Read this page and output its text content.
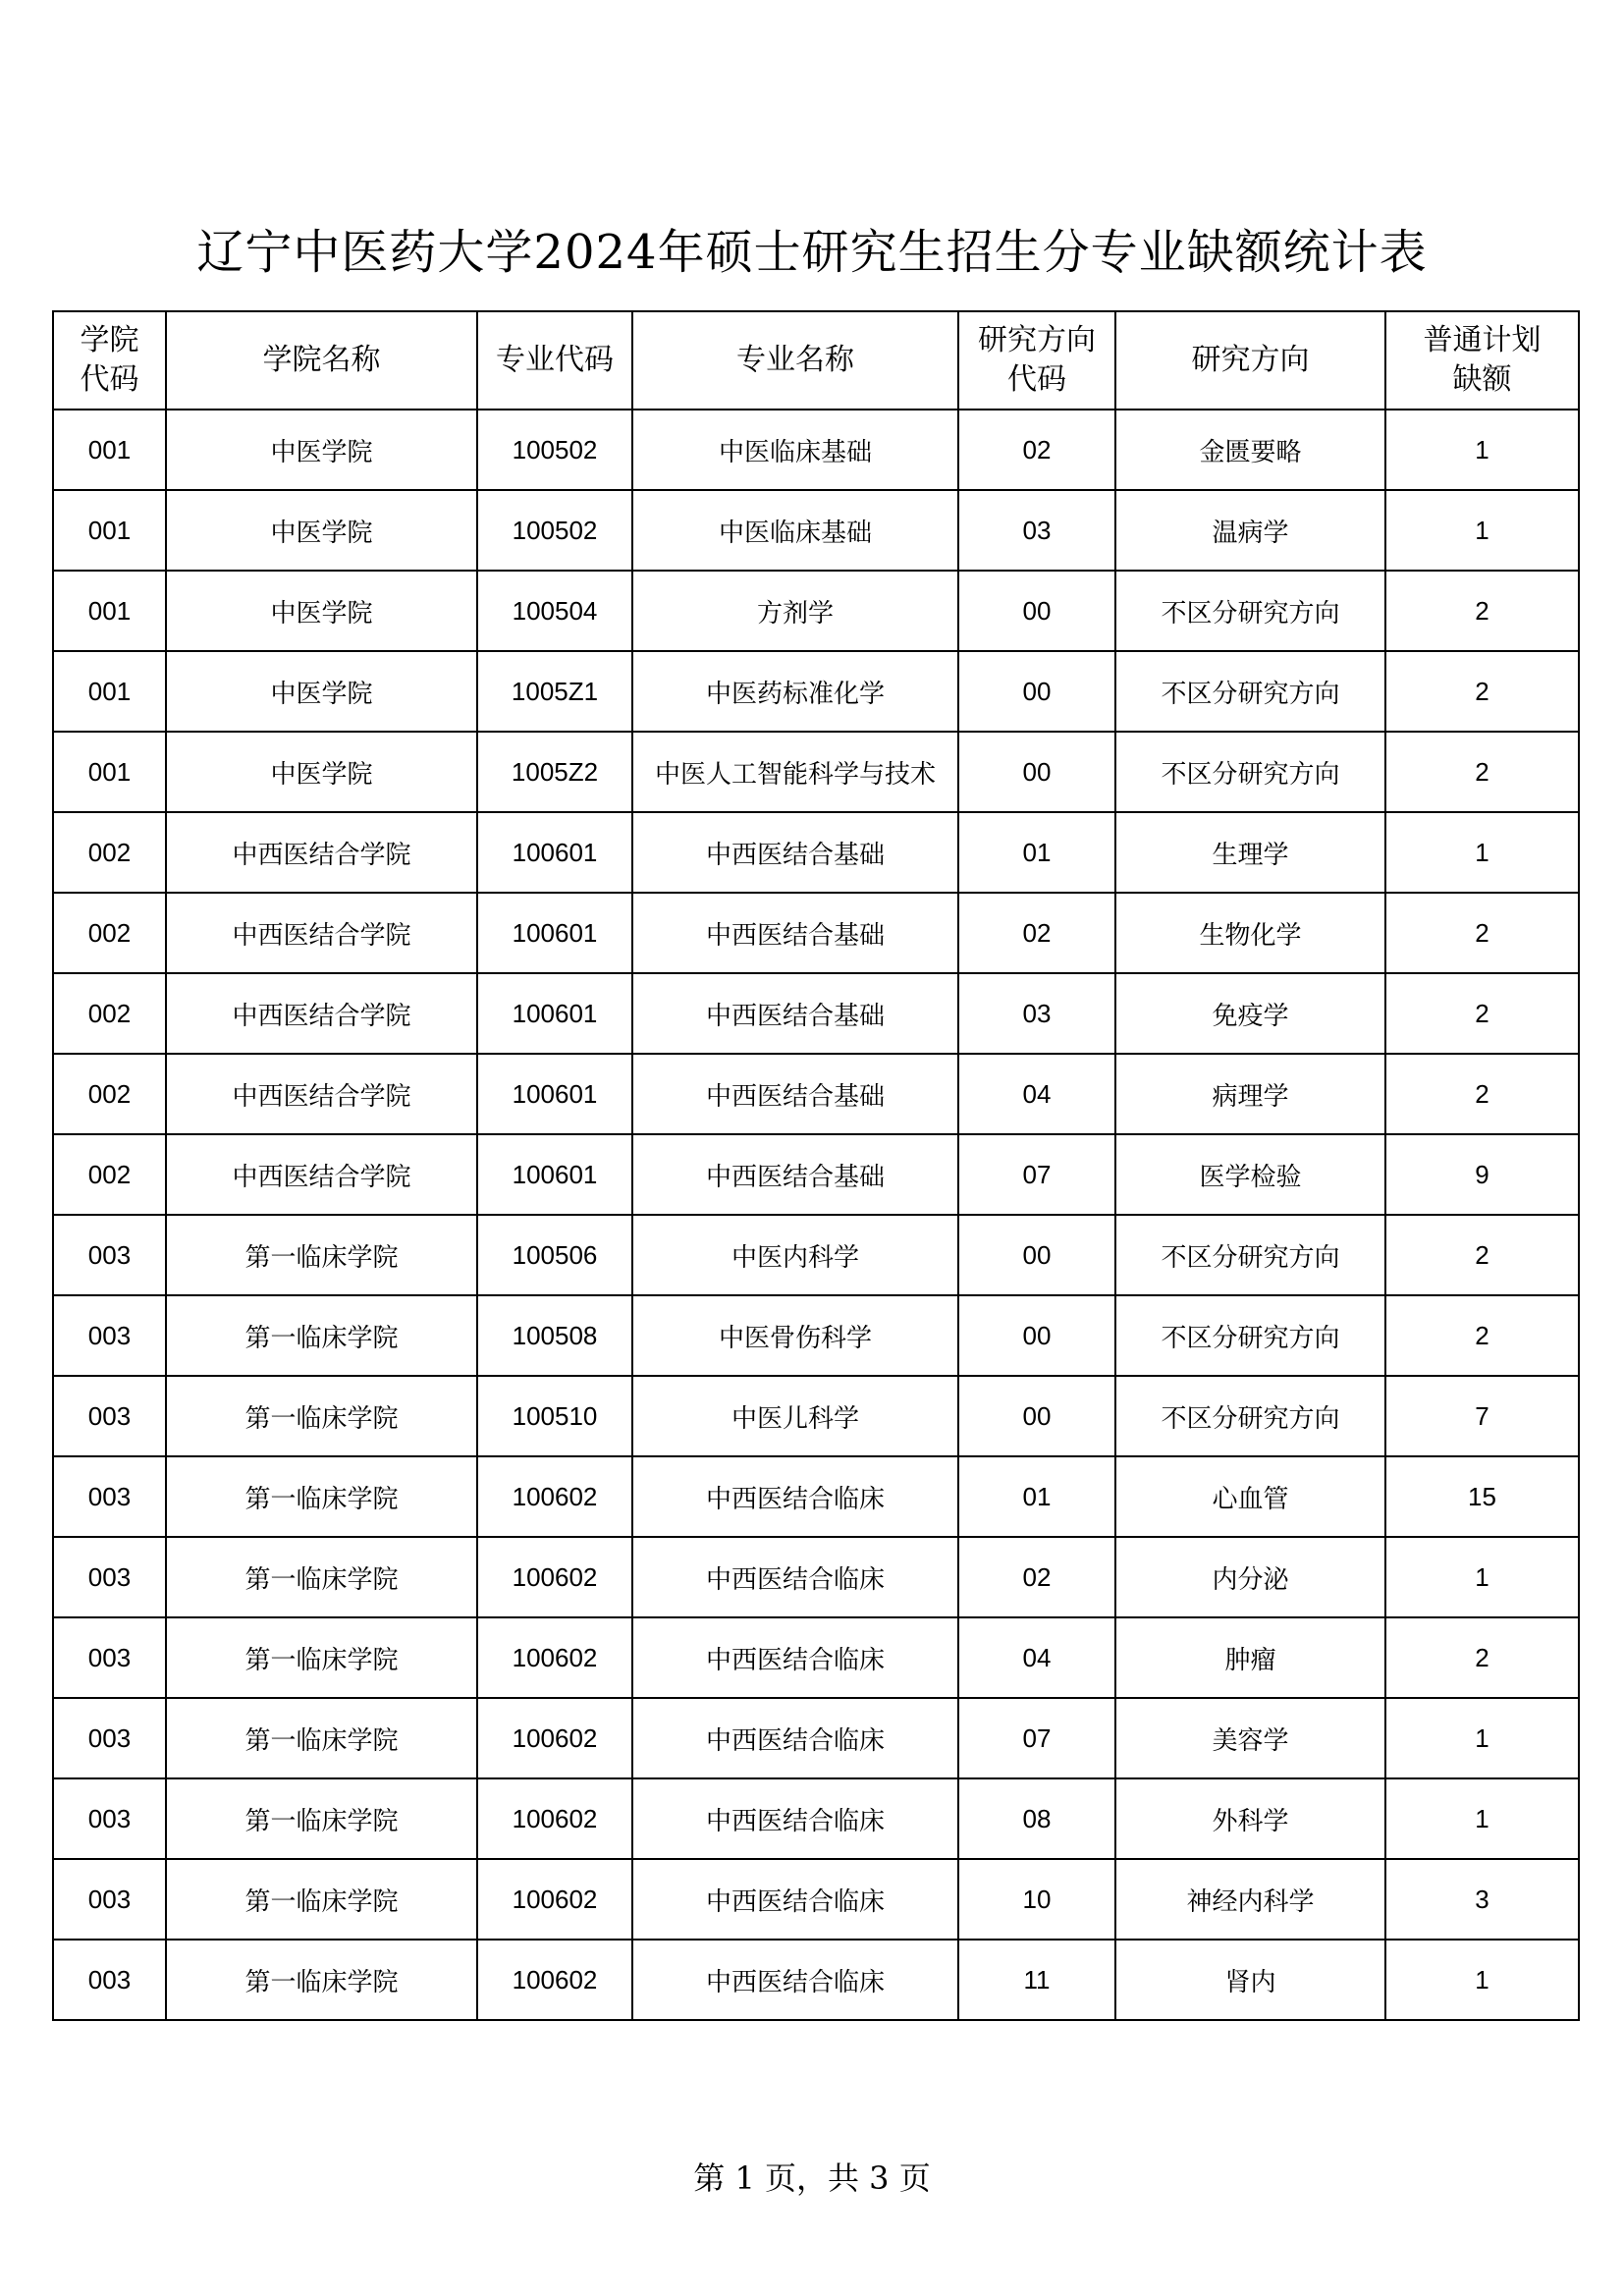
辽宁中医药大学2024年硕士研究生招生分专业缺额统计表
学院代码	学院名称	专业代码	专业名称	研究方向代码	研究方向	普通计划缺额
001	中医学院	100502	中医临床基础	02	金匮要略	1
001	中医学院	100502	中医临床基础	03	温病学	1
001	中医学院	100504	方剂学	00	不区分研究方向	2
001	中医学院	1005Z1	中医药标准化学	00	不区分研究方向	2
001	中医学院	1005Z2	中医人工智能科学与技术	00	不区分研究方向	2
002	中西医结合学院	100601	中西医结合基础	01	生理学	1
002	中西医结合学院	100601	中西医结合基础	02	生物化学	2
002	中西医结合学院	100601	中西医结合基础	03	免疫学	2
002	中西医结合学院	100601	中西医结合基础	04	病理学	2
002	中西医结合学院	100601	中西医结合基础	07	医学检验	9
003	第一临床学院	100506	中医内科学	00	不区分研究方向	2
003	第一临床学院	100508	中医骨伤科学	00	不区分研究方向	2
003	第一临床学院	100510	中医儿科学	00	不区分研究方向	7
003	第一临床学院	100602	中西医结合临床	01	心血管	15
003	第一临床学院	100602	中西医结合临床	02	内分泌	1
003	第一临床学院	100602	中西医结合临床	04	肿瘤	2
003	第一临床学院	100602	中西医结合临床	07	美容学	1
003	第一临床学院	100602	中西医结合临床	08	外科学	1
003	第一临床学院	100602	中西医结合临床	10	神经内科学	3
003	第一临床学院	100602	中西医结合临床	11	肾内	1
第 1 页，共 3 页
